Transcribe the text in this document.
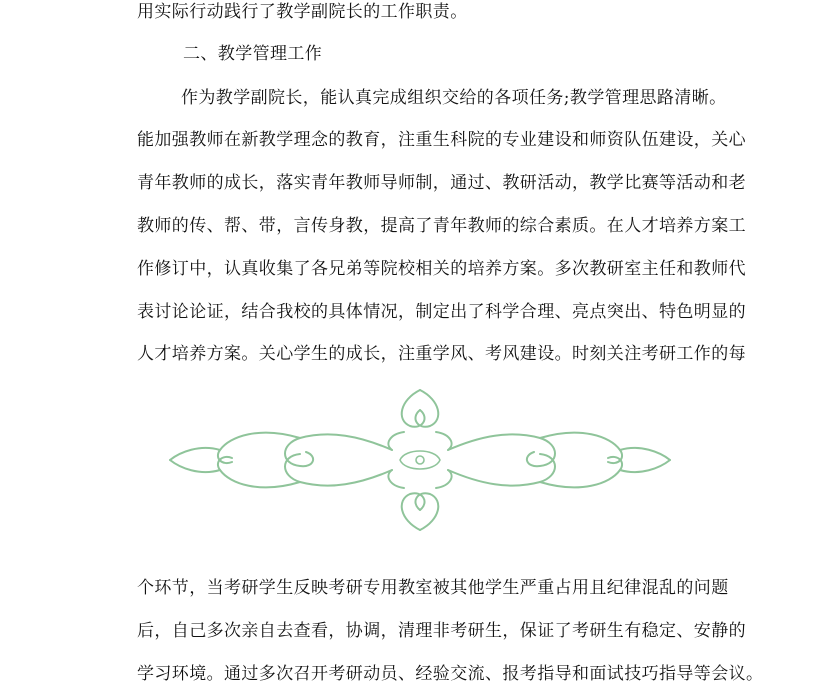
用实际行动践行了教学副院长的工作职责。
二、教学管理工作
作为教学副院长，能认真完成组织交给的各项任务;教学管理思路清晰。
能加强教师在新教学理念的教育，注重生科院的专业建设和师资队伍建设，关心
青年教师的成长，落实青年教师导师制，通过、教研活动，教学比赛等活动和老
教师的传、帮、带，言传身教，提高了青年教师的综合素质。在人才培养方案工
作修订中，认真收集了各兄弟等院校相关的培养方案。多次教研室主任和教师代
表讨论论证，结合我校的具体情况，制定出了科学合理、亮点突出、特色明显的
人才培养方案。关心学生的成长，注重学风、考风建设。时刻关注考研工作的每
个环节，当考研学生反映考研专用教室被其他学生严重占用且纪律混乱的问题
后，自己多次亲自去查看，协调，清理非考研生，保证了考研生有稳定、安静的
学习环境。通过多次召开考研动员、经验交流、报考指导和面试技巧指导等会议。
